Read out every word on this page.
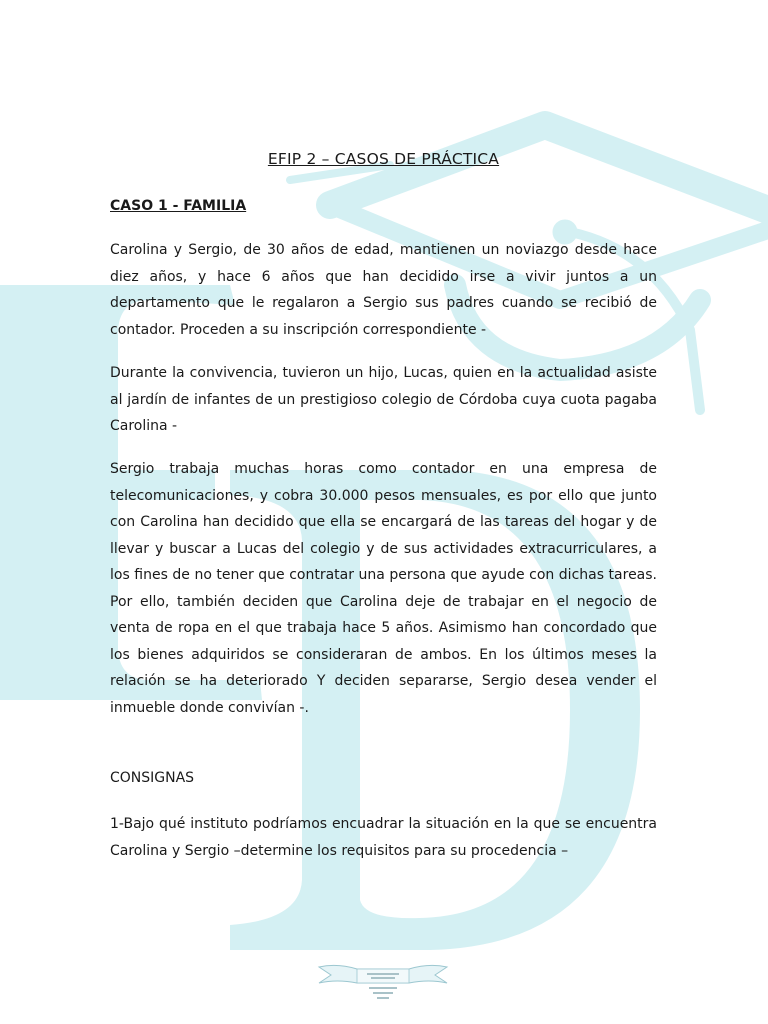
EFIP 2 – CASOS DE PRÁCTICA
CASO 1 - FAMILIA

Carolina y Sergio, de 30 años de edad, mantienen un noviazgo desde hace diez años, y hace 6 años que han decidido irse a vivir juntos a un departamento que le regalaron a Sergio sus padres cuando se recibió de contador. Proceden a su inscripción correspondiente -

Durante la convivencia, tuvieron un hijo, Lucas, quien en la actualidad asiste al jardín de infantes de un prestigioso colegio de Córdoba cuya cuota pagaba Carolina -

Sergio trabaja muchas horas como contador en una empresa de telecomunicaciones, y cobra 30.000 pesos mensuales, es por ello que junto con Carolina han decidido que ella se encargará de las tareas del hogar y de llevar y buscar a Lucas del colegio y de sus actividades extracurriculares, a los fines de no tener que contratar una persona que ayude con dichas tareas. Por ello, también deciden que Carolina deje de trabajar en el negocio de venta de ropa en el que trabaja hace 5 años. Asimismo han concordado que los bienes adquiridos se consideraran de ambos. En los últimos meses la relación se ha deteriorado Y deciden separarse, Sergio desea vender el inmueble donde convivían -.

CONSIGNAS

1-Bajo qué instituto podríamos encuadrar la situación en la que se encuentra Carolina y Sergio –determine los requisitos para su procedencia –
